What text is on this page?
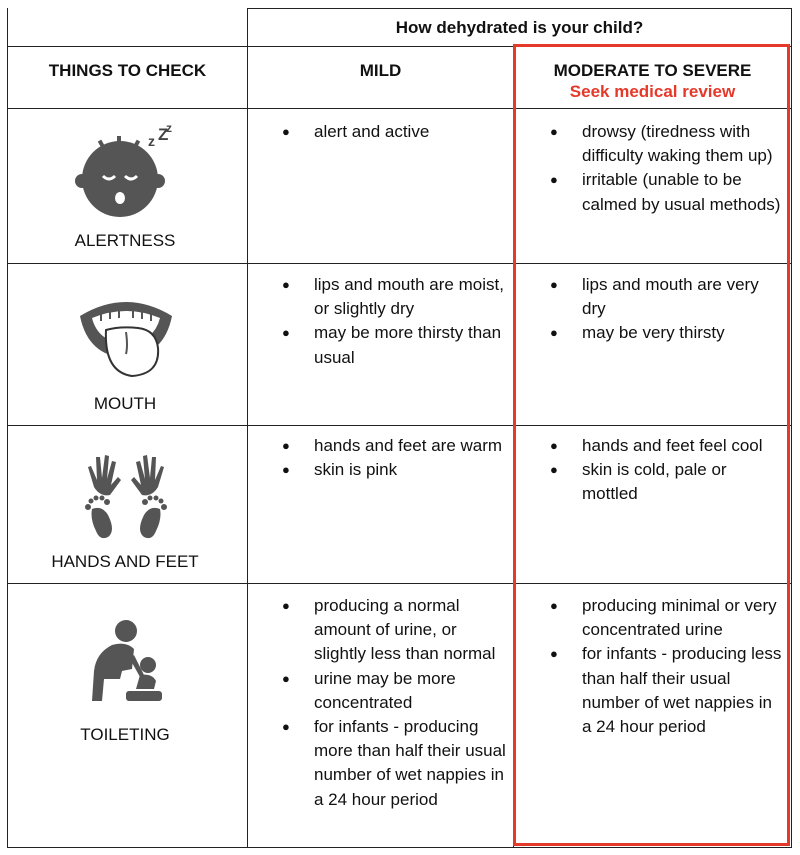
How dehydrated is your child?
THINGS TO CHECK	MILD	MODERATE TO SEVERE
Seek medical review
z Z
z
ALERTNESS
● alert and active
●	drowsy (tiredness with difficulty waking them up)
● irritable (unable to be calmed by usual methods)
MOUTH
● lips and mouth are moist, or slightly dry
● may be more thirsty than usual
● lips and mouth are very dry
● may be very thirsty
HANDS AND FEET
● hands and feet are warm
● skin is pink
● hands and feet feel cool
● skin is cold, pale or mottled
TOILETING
● producing a normal amount of urine, or slightly less than normal
● urine may be more concentrated
● for infants - producing more than half their usual number of wet nappies in a 24 hour period
● producing minimal or very concentrated urine
● for infants - producing less than half their usual number of wet nappies in a 24 hour period
